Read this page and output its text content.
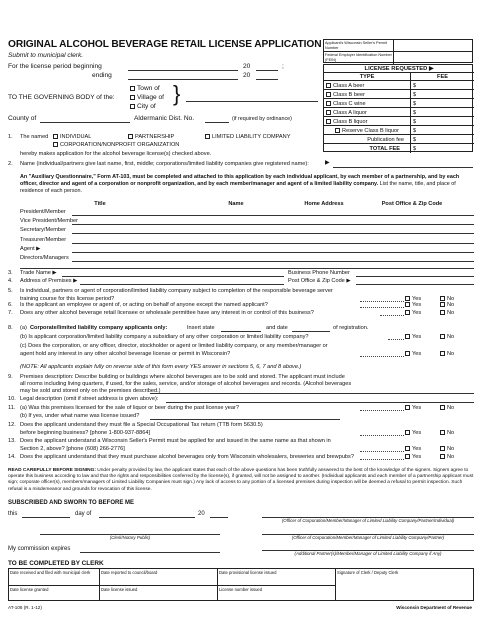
ORIGINAL ALCOHOL BEVERAGE RETAIL LICENSE APPLICATION
Submit to municipal clerk.
Applicant's Wisconsin Seller's Permit Number
Federal Employer Identification Number (FEIN)
LICENSE REQUESTED ▶
TYPE	FEE
Class A beer	$
Class B beer	$
Class C wine	$
Class A liquor	$
Class B liquor	$
Reserve Class B liquor	$
Publication fee	$
TOTAL FEE	$
For the license period beginning	20	;
ending	20
TO THE GOVERNING BODY of the:
Town of
Village of
City of
}
County of	Aldermanic Dist. No.	(if required by ordinance)
1. The named	INDIVIDUAL	PARTNERSHIP	LIMITED LIABILITY COMPANY
CORPORATION/NONPROFIT ORGANIZATION
hereby makes application for the alcohol beverage license(s) checked above.
2. Name (individual/partners give last name, first, middle; corporations/limited liability companies give registered name):	▶
An "Auxiliary Questionnaire," Form AT-103, must be completed and attached to this application by each individual applicant, by each member of a partnership, and by each officer, director and agent of a corporation or nonprofit organization, and by each member/manager and agent of a limited liability company. List the name, title, and place of residence of each person.
Title	Name	Home Address	Post Office & Zip Code
President/Member
Vice President/Member
Secretary/Member
Treasurer/Member
Agent ▶
Directors/Managers
3. Trade Name ▶	Business Phone Number
4. Address of Premises ▶	Post Office & Zip Code ▶
5. Is individual, partners or agent of corporation/limited liability company subject to completion of the responsible beverage server
training course for this license period?	Yes	No
6. Is the applicant an employee or agent of, or acting on behalf of anyone except the named applicant?	Yes	No
7. Does any other alcohol beverage retail licensee or wholesale permittee have any interest in or control of this business?	Yes	No
(b) Is applicant corporation/limited liability company a subsidiary of any other corporation or limited liability company?	Yes	No
(c) Does the corporation, or any officer, director, stockholder or agent or limited liability company, or any member/manager or
agent hold any interest in any other alcohol beverage license or permit in Wisconsin?	Yes	No
11. (a) Was this premises licensed for the sale of liquor or beer during the past license year?	Yes	No
12. Does the applicant understand they must file a Special Occupational Tax return (TTB form 5630.5)
before beginning business? [phone 1-800-937-8864]	Yes	No
13. Does the applicant understand a Wisconsin Seller's Permit must be applied for and issued in the same name as that shown in
Section 2, above? [phone (608) 266-2776]	Yes	No
14. Does the applicant understand that they must purchase alcohol beverages only from Wisconsin wholesalers, breweries and brewpubs?	Yes	No
8. (a) Corporate/limited liability company applicants only:	Insert state	and date	of registration.
(NOTE: All applicants explain fully on reverse side of this form every YES answer in sections 5, 6, 7 and 8 above.)
9. Premises description: Describe building or buildings where alcohol beverages are to be sold and stored. The applicant must include
all rooms including living quarters, if used, for the sales, service, and/or storage of alcohol beverages and records. (Alcohol beverages
may be sold and stored only on the premises described.)
10. Legal description (omit if street address is given above):
(b) If yes, under what name was license issued?
READ CAREFULLY BEFORE SIGNING: Under penalty provided by law, the applicant states that each of the above questions has been truthfully answered to the best of the knowledge of the signers. Signers agree to operate this business according to law and that the rights and responsibilities conferred by the license(s), if granted, will not be assigned to another. (Individual applicants and each member of a partnership applicant must sign; corporate officer(s), members/managers of Limited Liability Companies must sign.) Any lack of access to any portion of a licensed premises during inspection will be deemed a refusal to permit inspection. Such refusal is a misdemeanor and grounds for revocation of this license.
SUBSCRIBED AND SWORN TO BEFORE ME
this	day of	20
(Officer of Corporation/Member/Manager of Limited Liability Company/Partner/Individual)
(Clerk/Notary Public)	(Officer of Corporation/Member/Manager of Limited Liability Company/Partner)
My commission expires
(Additional Partner(s)/Member/Manager of Limited Liability Company if Any)
TO BE COMPLETED BY CLERK
Date received and filed with municipal clerk	Date reported to council/board	Date provisional license issued	Signature of Clerk / Deputy Clerk
Date license granted	Date license issued	License number issued
AT-106 (R. 1-12)	Wisconsin Department of Revenue
